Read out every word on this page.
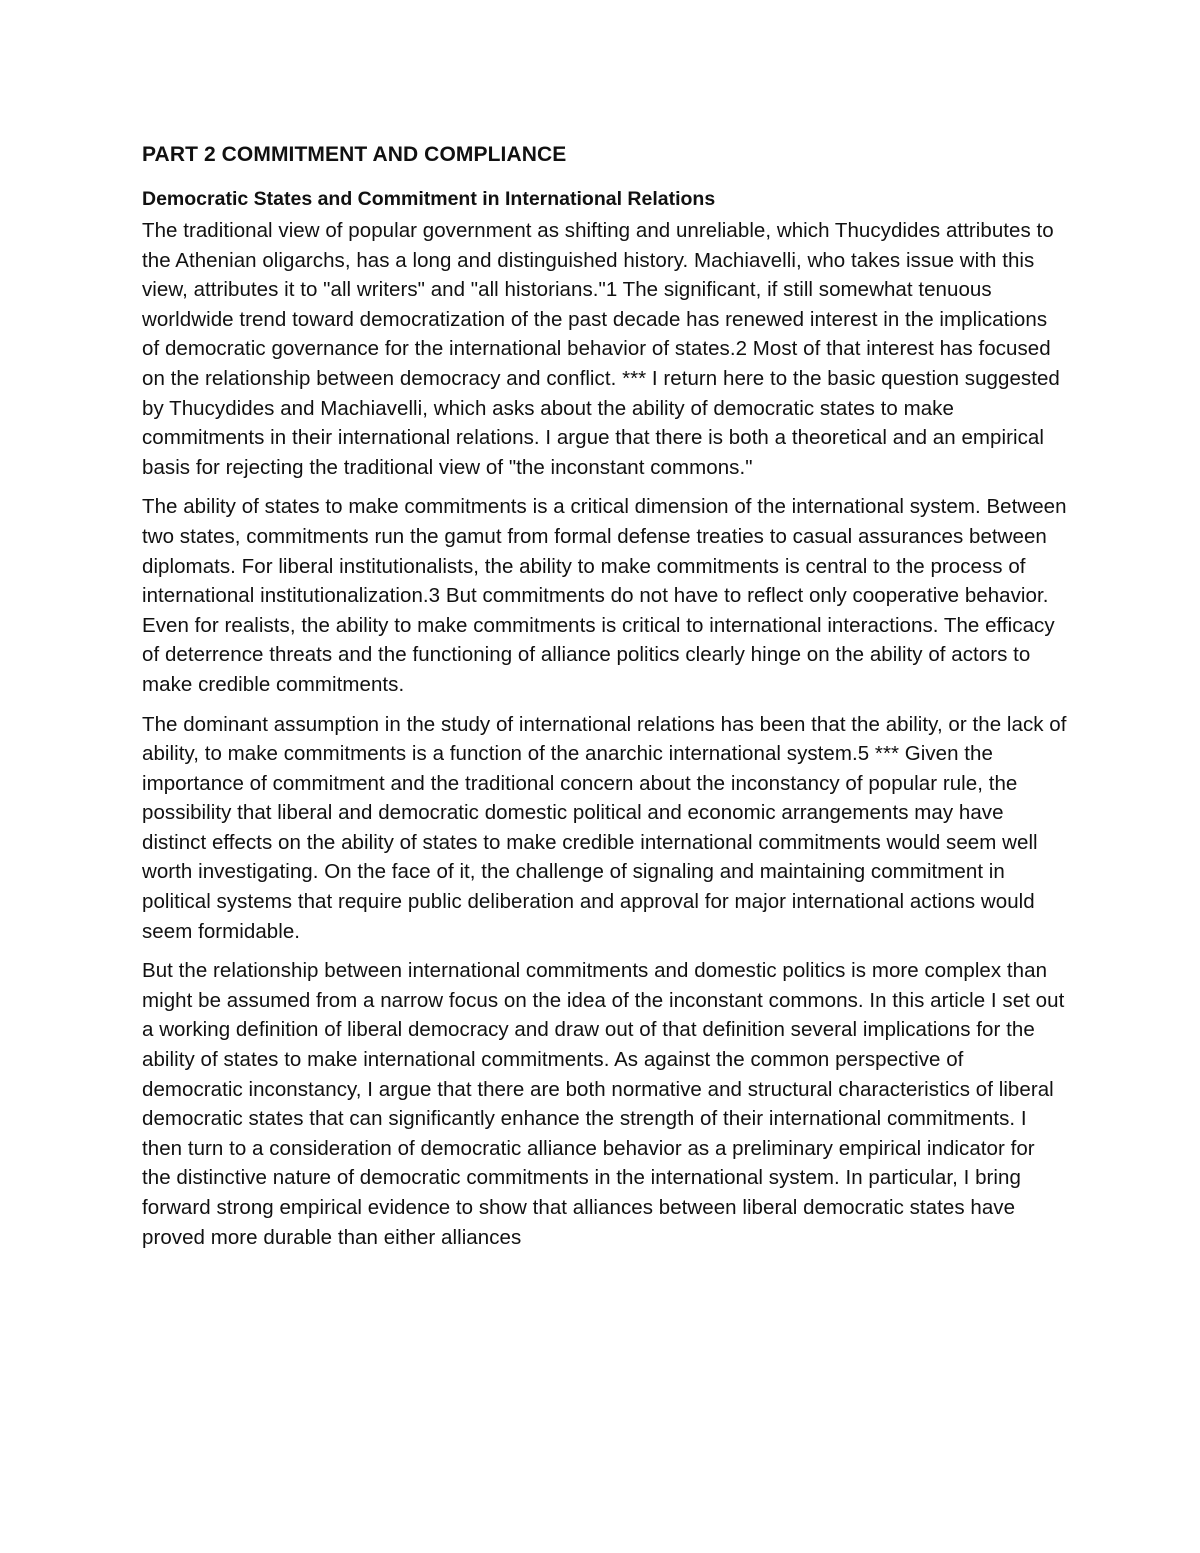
PART 2 COMMITMENT AND COMPLIANCE
Democratic States and Commitment in International Relations

The traditional view of popular government as shifting and unreliable, which Thucydides attributes to the Athenian oligarchs, has a long and distinguished history. Machiavelli, who takes issue with this view, attributes it to "all writers" and "all historians."1 The significant, if still somewhat tenuous worldwide trend toward democratization of the past decade has renewed interest in the implications of democratic governance for the international behavior of states.2 Most of that interest has focused on the relationship between democracy and conflict. *** I return here to the basic question suggested by Thucydides and Machiavelli, which asks about the ability of democratic states to make commitments in their international relations. I argue that there is both a theoretical and an empirical basis for rejecting the traditional view of "the inconstant commons."

The ability of states to make commitments is a critical dimension of the international system. Between two states, commitments run the gamut from formal defense treaties to casual assurances between diplomats. For liberal institutionalists, the ability to make commitments is central to the process of international institutionalization.3 But commitments do not have to reflect only cooperative behavior. Even for realists, the ability to make commitments is critical to international interactions. The efficacy of deterrence threats and the functioning of alliance politics clearly hinge on the ability of actors to make credible commitments.

The dominant assumption in the study of international relations has been that the ability, or the lack of ability, to make commitments is a function of the anarchic international system.5 *** Given the importance of commitment and the traditional concern about the inconstancy of popular rule, the possibility that liberal and democratic domestic political and economic arrangements may have distinct effects on the ability of states to make credible international commitments would seem well worth investigating. On the face of it, the challenge of signaling and maintaining commitment in political systems that require public deliberation and approval for major international actions would seem formidable.

But the relationship between international commitments and domestic politics is more complex than might be assumed from a narrow focus on the idea of the inconstant commons. In this article I set out a working definition of liberal democracy and draw out of that definition several implications for the ability of states to make international commitments. As against the common perspective of democratic inconstancy, I argue that there are both normative and structural characteristics of liberal democratic states that can significantly enhance the strength of their international commitments. I then turn to a consideration of democratic alliance behavior as a preliminary empirical indicator for the distinctive nature of democratic commitments in the international system. In particular, I bring forward strong empirical evidence to show that alliances between liberal democratic states have proved more durable than either alliances
